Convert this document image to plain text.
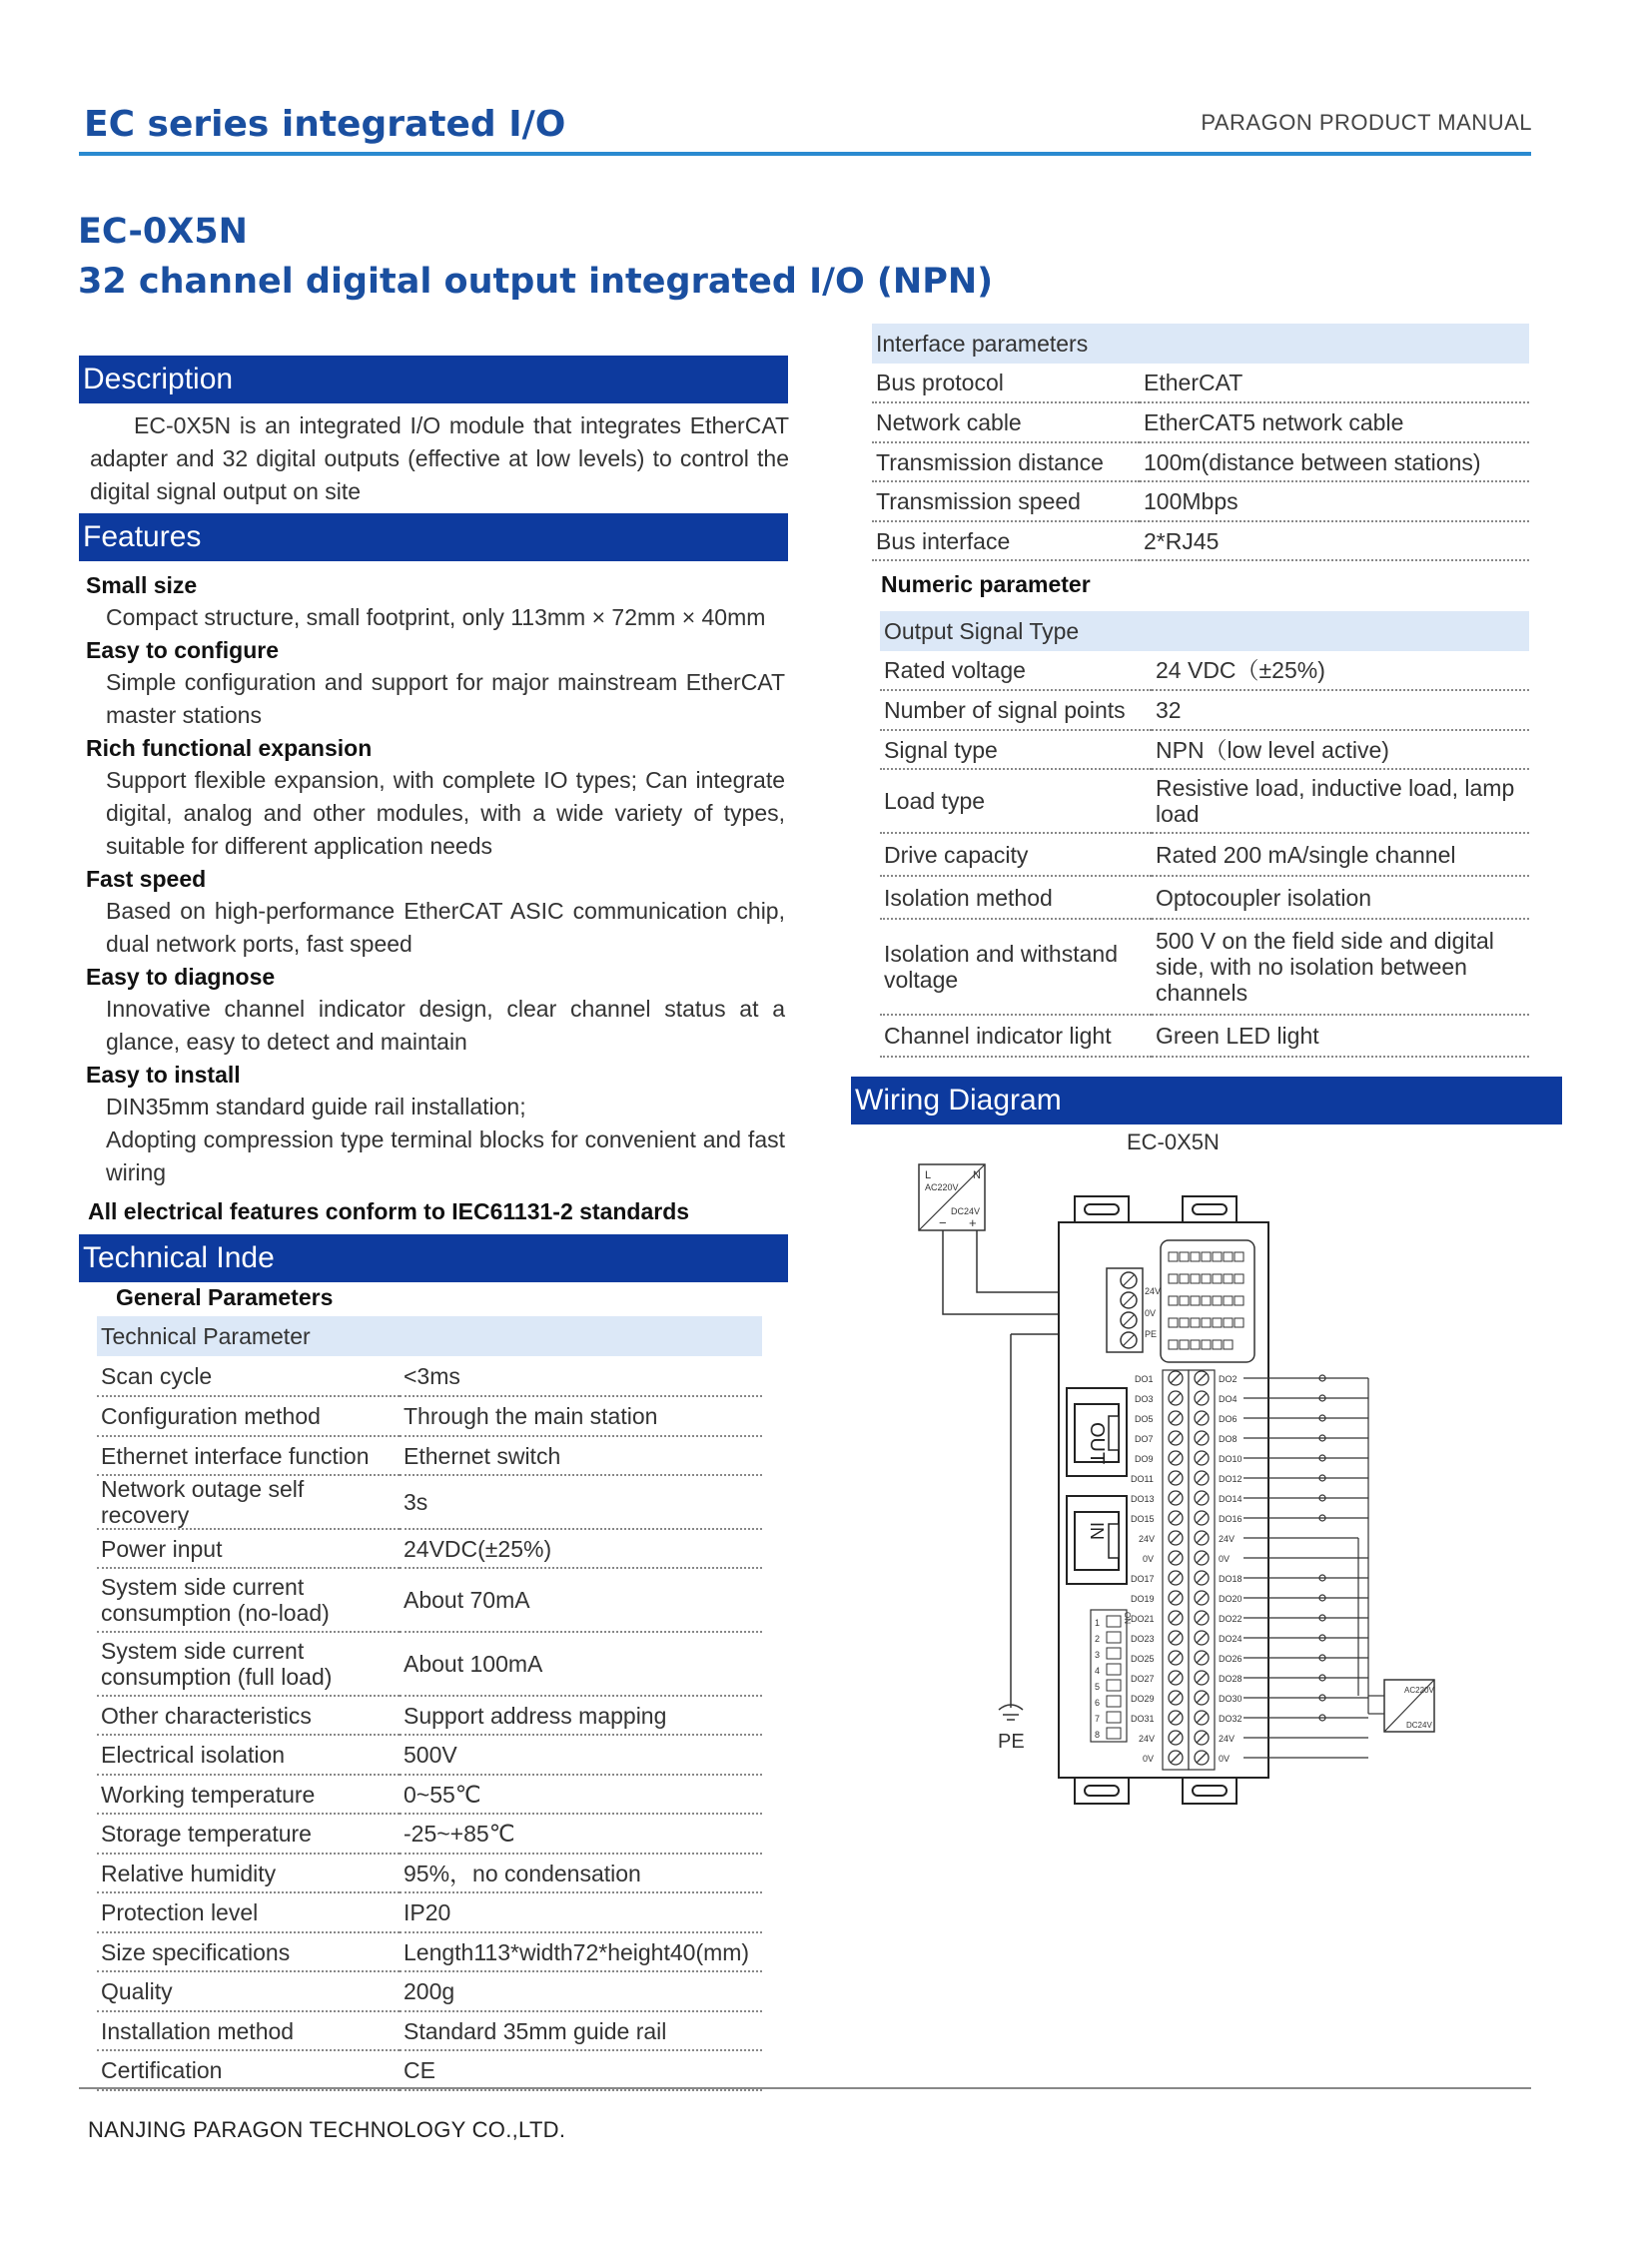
EC series integrated I/O	PARAGON PRODUCT MANUAL
EC-0X5N
32 channel digital output integrated I/O (NPN)
Description
EC-0X5N is an integrated I/O module that integrates EtherCAT adapter and 32 digital outputs (effective at low levels) to control the digital signal output on site
Features
Small size
Compact structure, small footprint, only 113mm × 72mm × 40mm
Easy to configure
Simple configuration and support for major mainstream EtherCAT master stations
Rich functional expansion
Support flexible expansion, with complete IO types; Can integrate digital, analog and other modules, with a wide variety of types, suitable for different application needs
Fast speed
Based on high-performance EtherCAT ASIC communication chip, dual network ports, fast speed
Easy to diagnose
Innovative channel indicator design, clear channel status at a glance, easy to detect and maintain
Easy to install
DIN35mm standard guide rail installation;
Adopting compression type terminal blocks for convenient and fast wiring
All electrical features conform to IEC61131-2 standards
Technical Inde
General Parameters
Technical Parameter	
Scan cycle	<3ms
Configuration method	Through the main station
Ethernet interface function	Ethernet switch
Network outage self recovery	3s
Power input	24VDC(±25%)
System side current consumption (no-load)	About 70mA
System side current consumption (full load)	About 100mA
Other characteristics	Support address mapping
Electrical isolation	500V
Working temperature	0~55℃
Storage temperature	-25~+85℃
Relative humidity	95%，no condensation
Protection level	IP20
Size specifications	Length113*width72*height40(mm)
Quality	200g
Installation method	Standard 35mm guide rail
Certification	CE
Interface parameters	
Bus protocol	EtherCAT
Network cable	EtherCAT5 network cable
Transmission distance	100m(distance between stations)
Transmission speed	100Mbps
Bus interface	2*RJ45
Numeric parameter
Output Signal Type	
Rated voltage	24 VDC（±25%)
Number of signal points	32
Signal type	NPN（low level active)
Load type	Resistive load, inductive load, lamp load
Drive capacity	Rated 200 mA/single channel
Isolation method	Optocoupler isolation
Isolation and withstand voltage	500 V on the field side and digital side, with no isolation between channels
Channel indicator light	Green LED light
Wiring Diagram
EC-0X5N
L	N
AC220V
DC24V
− +
PE
24V
0V
PE
OUT
IN
1
2
3
4
5
6
7
8
ON
DO1
DO3
DO5
DO7
DO9
DO11
DO13
DO15
24V
0V
DO17
DO19
DO21
DO23
DO25
DO27
DO29
DO31
24V
0V
DO2
DO4
DO6
DO8
DO10
DO12
DO14
DO16
24V
0V
DO18
DO20
DO22
DO24
DO26
DO28
DO30
DO32
24V
0V
AC220V
DC24V
NANJING PARAGON TECHNOLOGY CO.,LTD.
